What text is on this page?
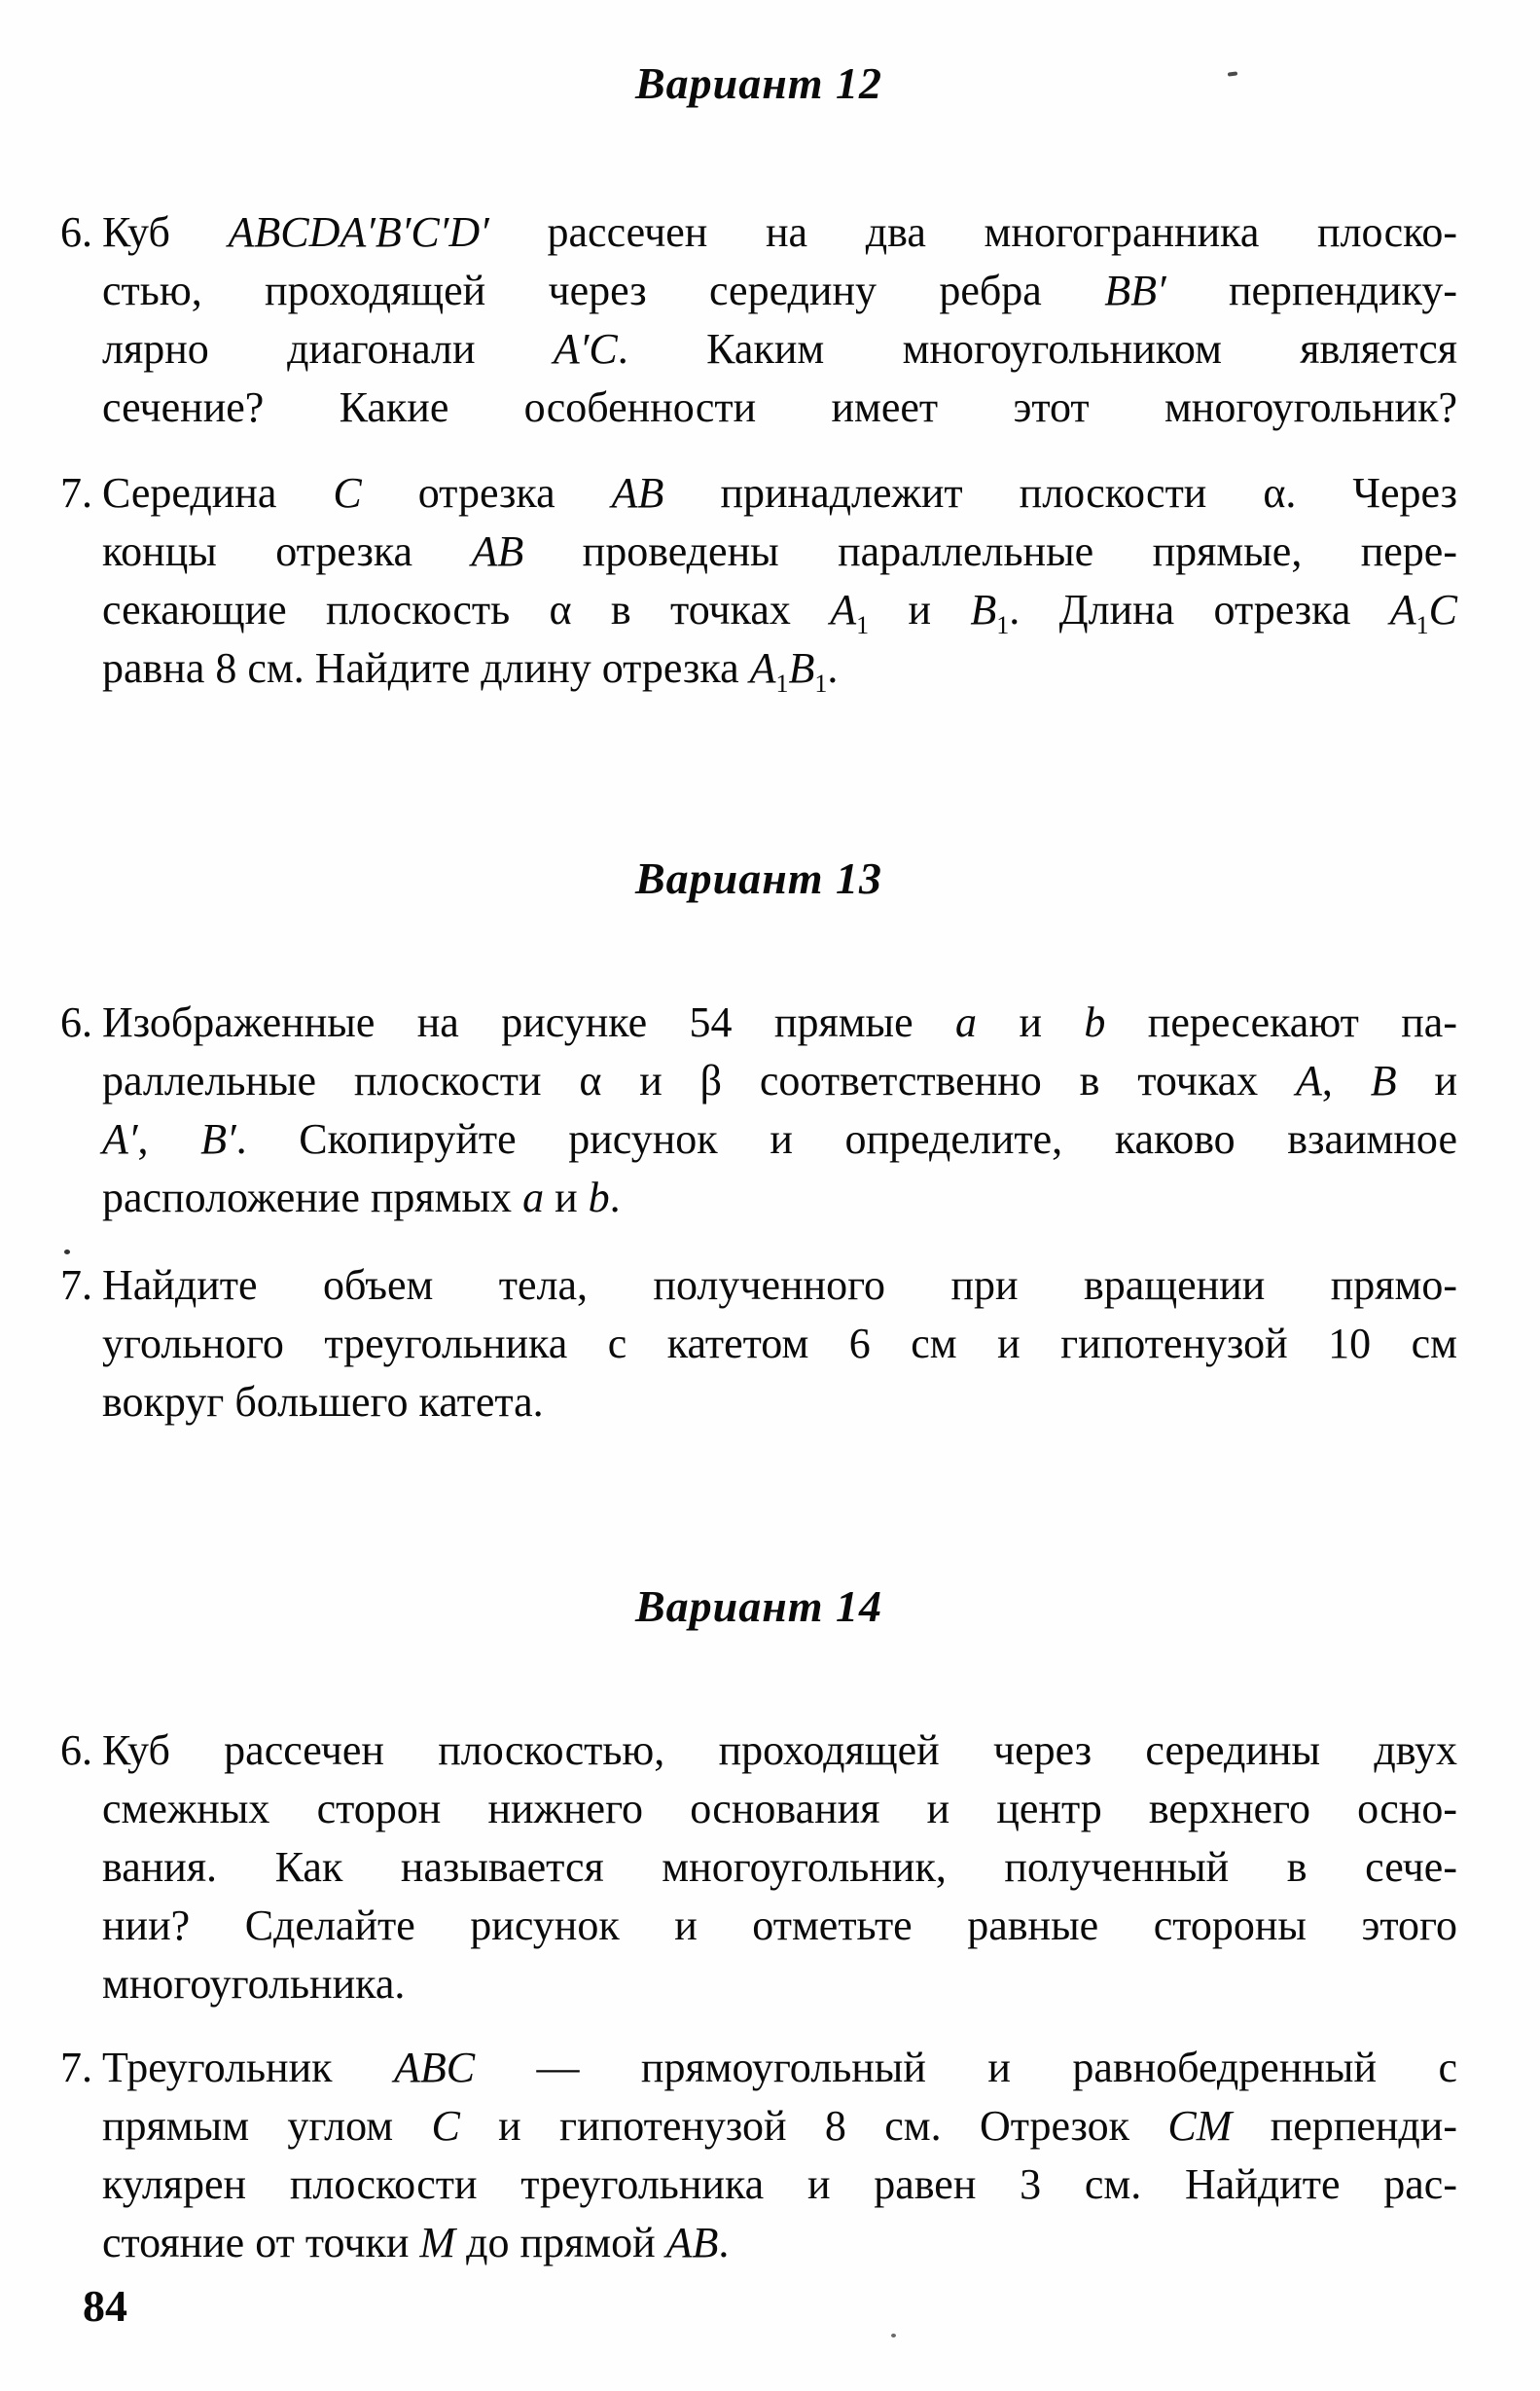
Вариант 12
6. Куб ABCDA′B′C′D′ рассечен на два многогранника плоско-
стью, проходящей через середину ребра BB′ перпендику-
лярно диагонали A′C. Каким многоугольником является
сечение? Какие особенности имеет этот многоугольник?
7. Середина C отрезка AB принадлежит плоскости α. Через
концы отрезка AB проведены параллельные прямые, пере-
секающие плоскость α в точках $A_1$ и $B_1$. Длина отрезка $A_1C$
равна 8 см. Найдите длину отрезка $A_1B_1$.
Вариант 13
6. Изображенные на рисунке 54 прямые a и b пересекают па-
раллельные плоскости α и β соответственно в точках A, B и
A′, B′. Скопируйте рисунок и определите, каково взаимное
расположение прямых a и b.
7. Найдите объем тела, полученного при вращении прямо-
угольного треугольника с катетом 6 см и гипотенузой 10 см
вокруг большего катета.
Вариант 14
6. Куб рассечен плоскостью, проходящей через середины двух
смежных сторон нижнего основания и центр верхнего осно-
вания. Как называется многоугольник, полученный в сече-
нии? Сделайте рисунок и отметьте равные стороны этого
многоугольника.
7. Треугольник ABC — прямоугольный и равнобедренный с
прямым углом C и гипотенузой 8 см. Отрезок CM перпенди-
кулярен плоскости треугольника и равен 3 см. Найдите рас-
стояние от точки M до прямой AB.
84
